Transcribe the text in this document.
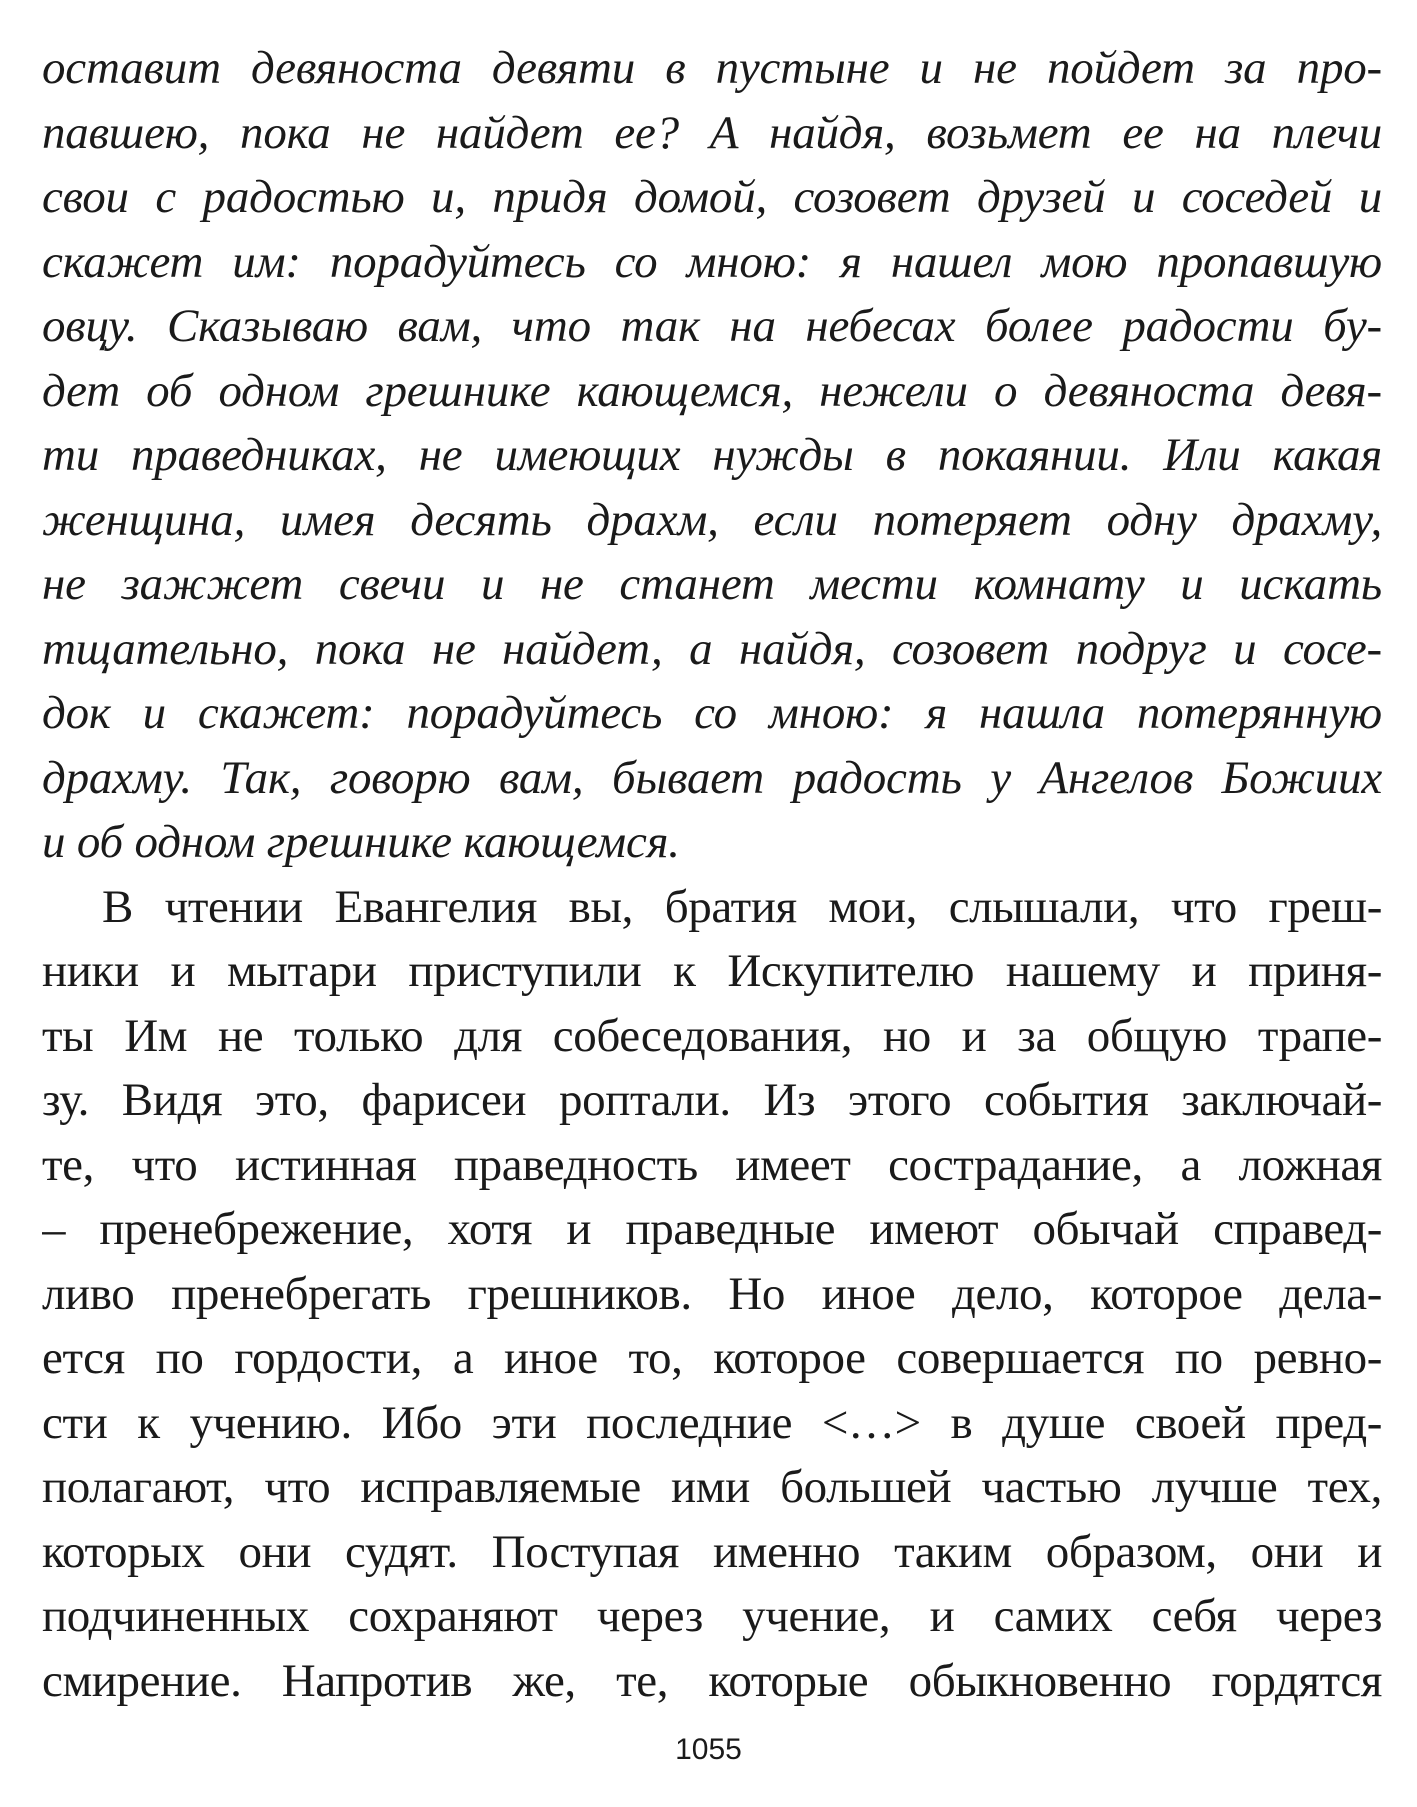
оставит девяноста девяти в пустыне и не пойдет за про-
павшею, пока не найдет ее? А найдя, возьмет ее на плечи
свои с радостью и, придя домой, созовет друзей и соседей и
скажет им: порадуйтесь со мною: я нашел мою пропавшую
овцу. Сказываю вам, что так на небесах более радости бу-
дет об одном грешнике кающемся, нежели о девяноста девя-
ти праведниках, не имеющих нужды в покаянии. Или какая
женщина, имея десять драхм, если потеряет одну драхму,
не зажжет свечи и не станет мести комнату и искать
тщательно, пока не найдет, а найдя, созовет подруг и сосе-
док и скажет: порадуйтесь со мною: я нашла потерянную
драхму. Так, говорю вам, бывает радость у Ангелов Божиих
и об одном грешнике кающемся.
В чтении Евангелия вы, братия мои, слышали, что греш-
ники и мытари приступили к Искупителю нашему и приня-
ты Им не только для собеседования, но и за общую трапе-
зу. Видя это, фарисеи роптали. Из этого события заключай-
те, что истинная праведность имеет сострадание, а ложная
– пренебрежение, хотя и праведные имеют обычай справед-
ливо пренебрегать грешников. Но иное дело, которое дела-
ется по гордости, а иное то, которое совершается по ревно-
сти к учению. Ибо эти последние <…> в душе своей пред-
полагают, что исправляемые ими большей частью лучше тех,
которых они судят. Поступая именно таким образом, они и
подчиненных сохраняют через учение, и самих себя через
смирение. Напротив же, те, которые обыкновенно гордятся
1055
